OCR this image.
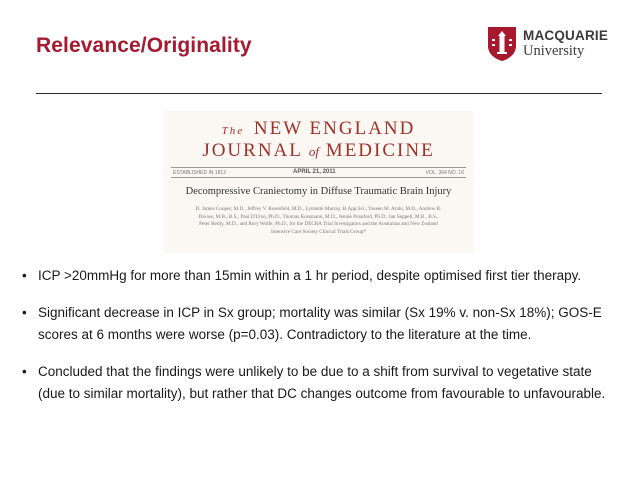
Relevance/Originality	MACQUARIE
University
The NEW ENGLAND
JOURNAL of MEDICINE
ESTABLISHED IN 1812	APRIL 21, 2011	VOL. 364 NO. 16
Decompressive Craniectomy in Diffuse Traumatic Brain Injury
D. James Cooper, M.D., Jeffrey V. Rosenfeld, M.D., Lynnette Murray, B.App.Sci., Yaseen M. Arabi, M.D., Andrew R. Davies, M.B., B.S., Paul D'Urso, Ph.D., Thomas Kossmann, M.D., Jennie Ponsford, Ph.D., Ian Seppelt, M.B., B.S., Peter Reilly, M.D., and Rory Wolfe, Ph.D., for the DECRA Trial Investigators and the Australian and New Zealand Intensive Care Society Clinical Trials Group*
• ICP >20mmHg for more than 15min within a 1 hr period, despite optimised first tier therapy.
• Significant decrease in ICP in Sx group; mortality was similar (Sx 19% v. non-Sx 18%); GOS-E scores at 6 months were worse (p=0.03). Contradictory to the literature at the time.
• Concluded that the findings were unlikely to be due to a shift from survival to vegetative state (due to similar mortality), but rather that DC changes outcome from favourable to unfavourable.
